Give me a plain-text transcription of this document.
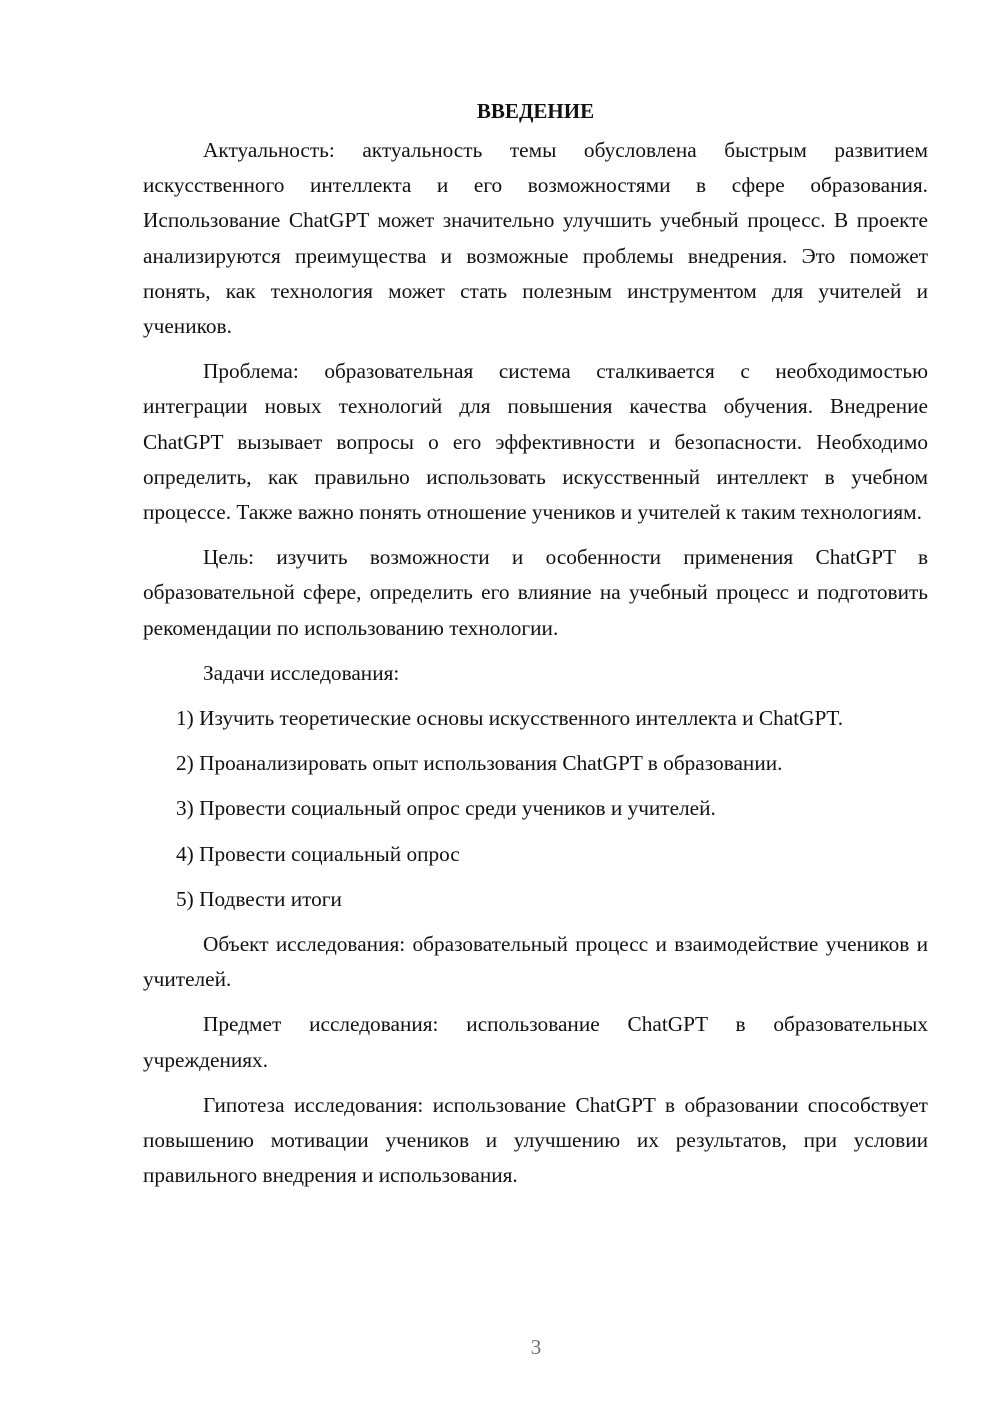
ВВЕДЕНИЕ

Актуальность: актуальность темы обусловлена быстрым развитием искусственного интеллекта и его возможностями в сфере образования. Использование ChatGPT может значительно улучшить учебный процесс. В проекте анализируются преимущества и возможные проблемы внедрения. Это поможет понять, как технология может стать полезным инструментом для учителей и учеников.

Проблема: образовательная система сталкивается с необходимостью интеграции новых технологий для повышения качества обучения. Внедрение ChatGPT вызывает вопросы о его эффективности и безопасности. Необходимо определить, как правильно использовать искусственный интеллект в учебном процессе. Также важно понять отношение учеников и учителей к таким технологиям.

Цель: изучить возможности и особенности применения ChatGPT в образовательной сфере, определить его влияние на учебный процесс и подготовить рекомендации по использованию технологии.

Задачи исследования:

1) Изучить теоретические основы искусственного интеллекта и ChatGPT.

2) Проанализировать опыт использования ChatGPT в образовании.

3) Провести социальный опрос среди учеников и учителей.

4) Провести социальный опрос

5) Подвести итоги

Объект исследования: образовательный процесс и взаимодействие учеников и учителей.

Предмет исследования: использование ChatGPT в образовательных учреждениях.

Гипотеза исследования: использование ChatGPT в образовании способствует повышению мотивации учеников и улучшению их результатов, при условии правильного внедрения и использования.

3
